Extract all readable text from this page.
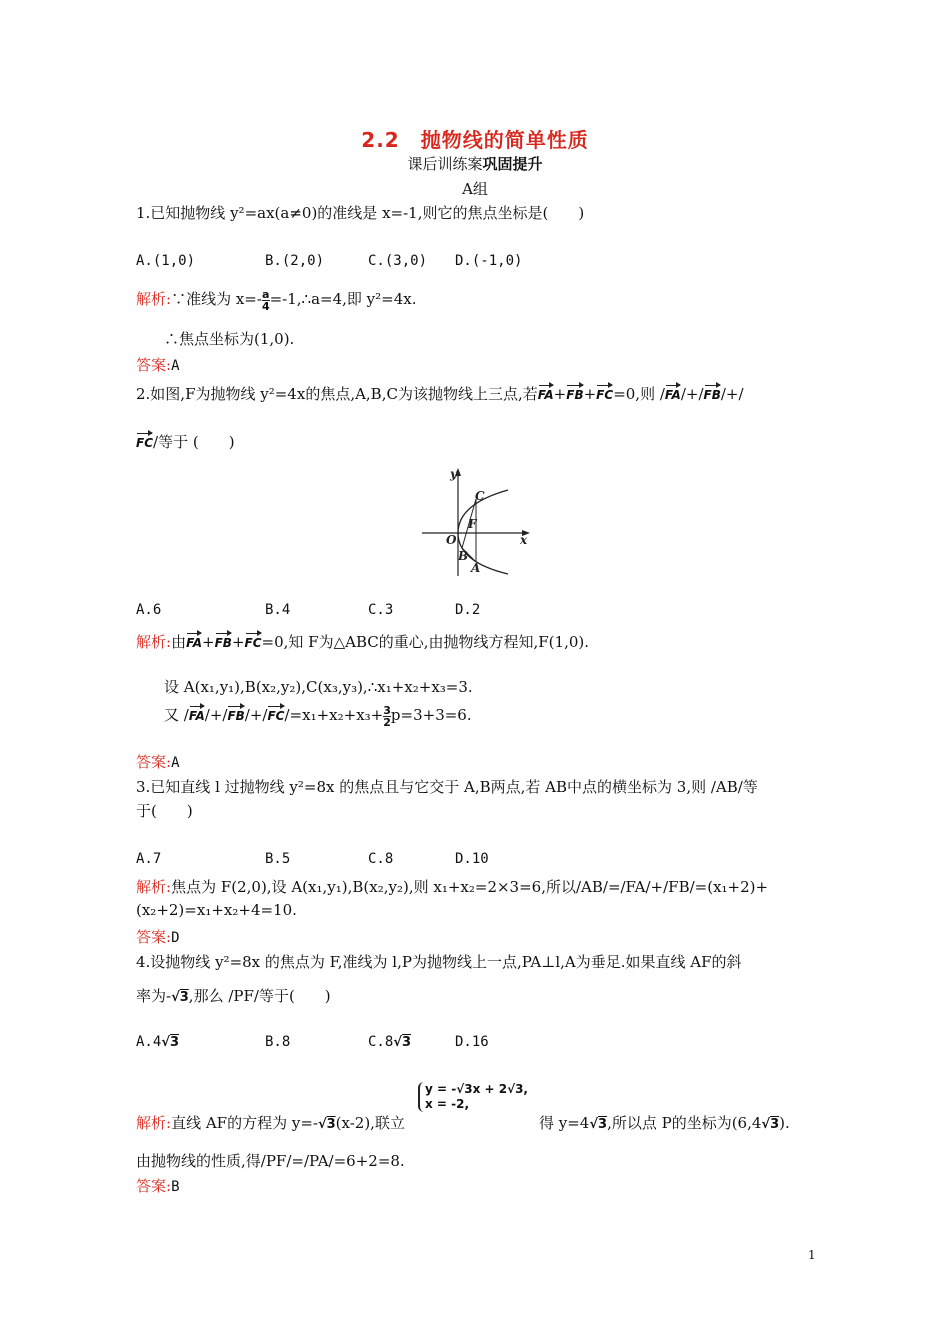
2.2　抛物线的简单性质
课后训练案巩固提升
A组
1.已知抛物线 y²=ax(a≠0)的准线是 x=-1,则它的焦点坐标是(　　)
A.(1,0)	B.(2,0)	C.(3,0) D.(-1,0)
解析:∵准线为 $x=- \frac{a}{4}$ =-1,∴a=4,即 y²=4x.
∴焦点坐标为(1,0).
答案:A
2.如图,F为抛物线 y²=4x的焦点,A,B,C为该抛物线上三点,若FA+FB+FC=0,则 /FA/+/FB/+/
FC/等于 (　　)
y
x
O
C
F
B
A
A.6	B.4	C.3	D.2
解析:由FA+FB+FC=0,知 F为△ABC的重心,由抛物线方程知,F(1,0).
设 A(x₁,y₁),B(x₂,y₂),C(x₃,y₃),∴x₁+x₂+x₃=3.
又 $/FA/+/FB/+/FC/=x_1+x_2+x_3+ \frac{3}{2} p=3+3=6$.
答案:A
3.已知直线 l 过抛物线 y²=8x 的焦点且与它交于 A,B两点,若 AB中点的横坐标为 3,则 /AB/等
于(　　)
A.7	B.5	C.8	D.10
解析:焦点为 F(2,0),设 A(x₁,y₁),B(x₂,y₂),则 x₁+x₂=2×3=6,所以/AB/=/FA/+/FB/=(x₁+2)+
(x₂+2)=x₁+x₂+4=10.
答案:D
4.设抛物线 y²=8x 的焦点为 F,准线为 l,P为抛物线上一点,PA⊥l,A为垂足.如果直线 AF的斜
率为-√3,那么 /PF/等于(　　)
A.4√3	B.8	C.8√3	D.16
y = -√3x + 2√3,
x = -2,
解析:直线 AF的方程为 y=-√3(x-2),联立	得 y=4√3,所以点 P的坐标为(6,4√3).
由抛物线的性质,得/PF/=/PA/=6+2=8.
答案:B
1
